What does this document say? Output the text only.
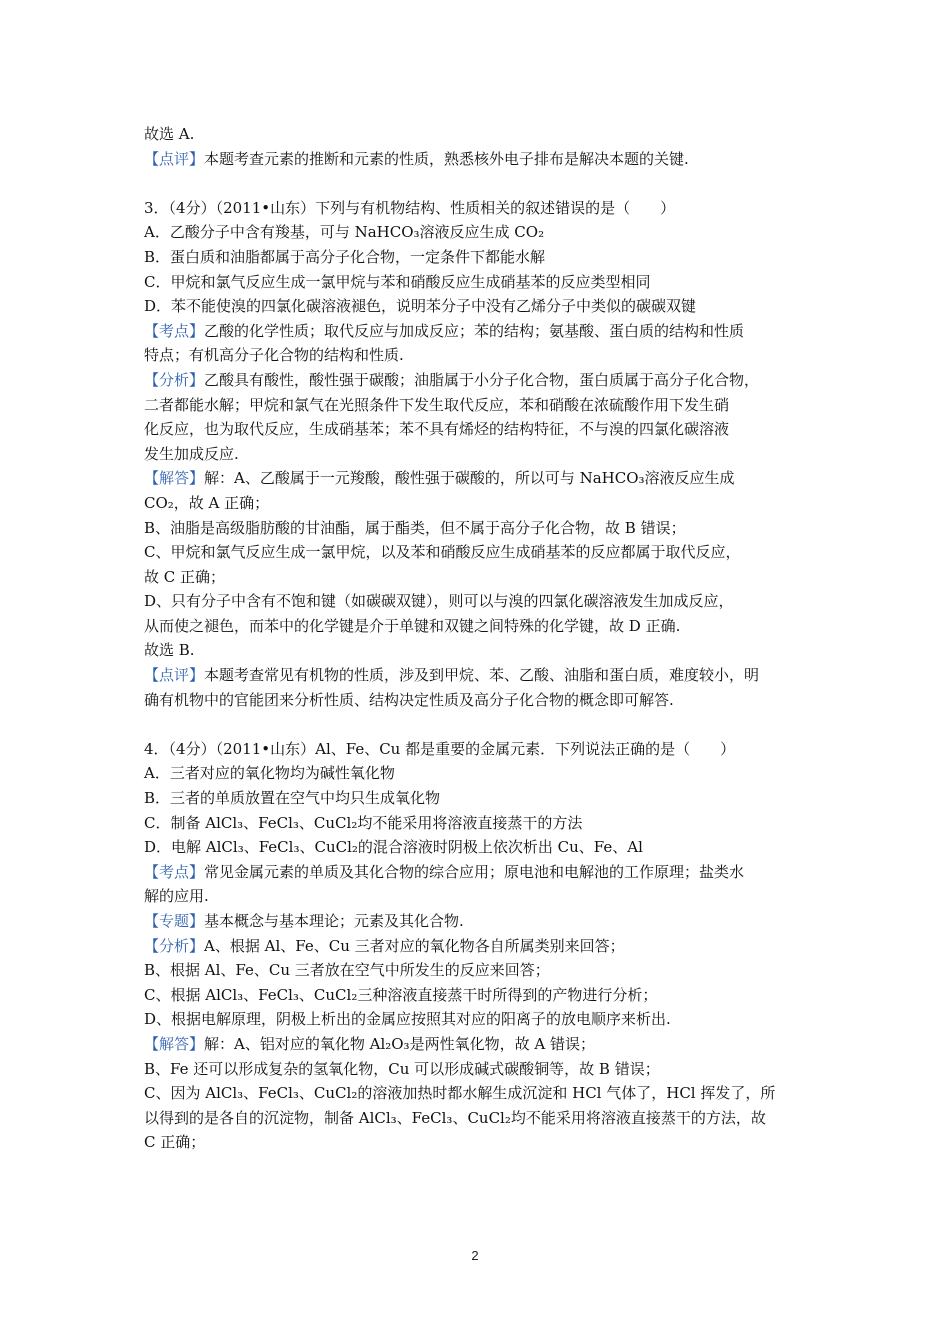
故选 A.
【点评】本题考查元素的推断和元素的性质，熟悉核外电子排布是解决本题的关键.
3．（4分）（2011•山东）下列与有机物结构、性质相关的叙述错误的是（　　）
A．乙酸分子中含有羧基，可与 NaHCO₃溶液反应生成 CO₂
B．蛋白质和油脂都属于高分子化合物，一定条件下都能水解
C．甲烷和氯气反应生成一氯甲烷与苯和硝酸反应生成硝基苯的反应类型相同
D．苯不能使溴的四氯化碳溶液褪色，说明苯分子中没有乙烯分子中类似的碳碳双键
【考点】乙酸的化学性质；取代反应与加成反应；苯的结构；氨基酸、蛋白质的结构和性质
特点；有机高分子化合物的结构和性质.
【分析】乙酸具有酸性，酸性强于碳酸；油脂属于小分子化合物，蛋白质属于高分子化合物，
二者都能水解；甲烷和氯气在光照条件下发生取代反应，苯和硝酸在浓硫酸作用下发生硝
化反应，也为取代反应，生成硝基苯；苯不具有烯烃的结构特征，不与溴的四氯化碳溶液
发生加成反应.
【解答】解：A、乙酸属于一元羧酸，酸性强于碳酸的，所以可与 NaHCO₃溶液反应生成
CO₂，故 A 正确；
B、油脂是高级脂肪酸的甘油酯，属于酯类，但不属于高分子化合物，故 B 错误；
C、甲烷和氯气反应生成一氯甲烷，以及苯和硝酸反应生成硝基苯的反应都属于取代反应，
故 C 正确；
D、只有分子中含有不饱和键（如碳碳双键），则可以与溴的四氯化碳溶液发生加成反应，
从而使之褪色，而苯中的化学键是介于单键和双键之间特殊的化学键，故 D 正确.
故选 B.
【点评】本题考查常见有机物的性质，涉及到甲烷、苯、乙酸、油脂和蛋白质，难度较小，明
确有机物中的官能团来分析性质、结构决定性质及高分子化合物的概念即可解答.
4．（4分）（2011•山东）Al、Fe、Cu 都是重要的金属元素．下列说法正确的是（　　）
A．三者对应的氧化物均为碱性氧化物
B．三者的单质放置在空气中均只生成氧化物
C．制备 AlCl₃、FeCl₃、CuCl₂均不能采用将溶液直接蒸干的方法
D．电解 AlCl₃、FeCl₃、CuCl₂的混合溶液时阴极上依次析出 Cu、Fe、Al
【考点】常见金属元素的单质及其化合物的综合应用；原电池和电解池的工作原理；盐类水
解的应用.
【专题】基本概念与基本理论；元素及其化合物.
【分析】A、根据 Al、Fe、Cu 三者对应的氧化物各自所属类别来回答；
B、根据 Al、Fe、Cu 三者放在空气中所发生的反应来回答；
C、根据 AlCl₃、FeCl₃、CuCl₂三种溶液直接蒸干时所得到的产物进行分析；
D、根据电解原理，阴极上析出的金属应按照其对应的阳离子的放电顺序来析出.
【解答】解：A、铝对应的氧化物 Al₂O₃是两性氧化物，故 A 错误；
B、Fe 还可以形成复杂的氢氧化物，Cu 可以形成碱式碳酸铜等，故 B 错误；
C、因为 AlCl₃、FeCl₃、CuCl₂的溶液加热时都水解生成沉淀和 HCl 气体了，HCl 挥发了，所
以得到的是各自的沉淀物，制备 AlCl₃、FeCl₃、CuCl₂均不能采用将溶液直接蒸干的方法，故
C 正确；
2
